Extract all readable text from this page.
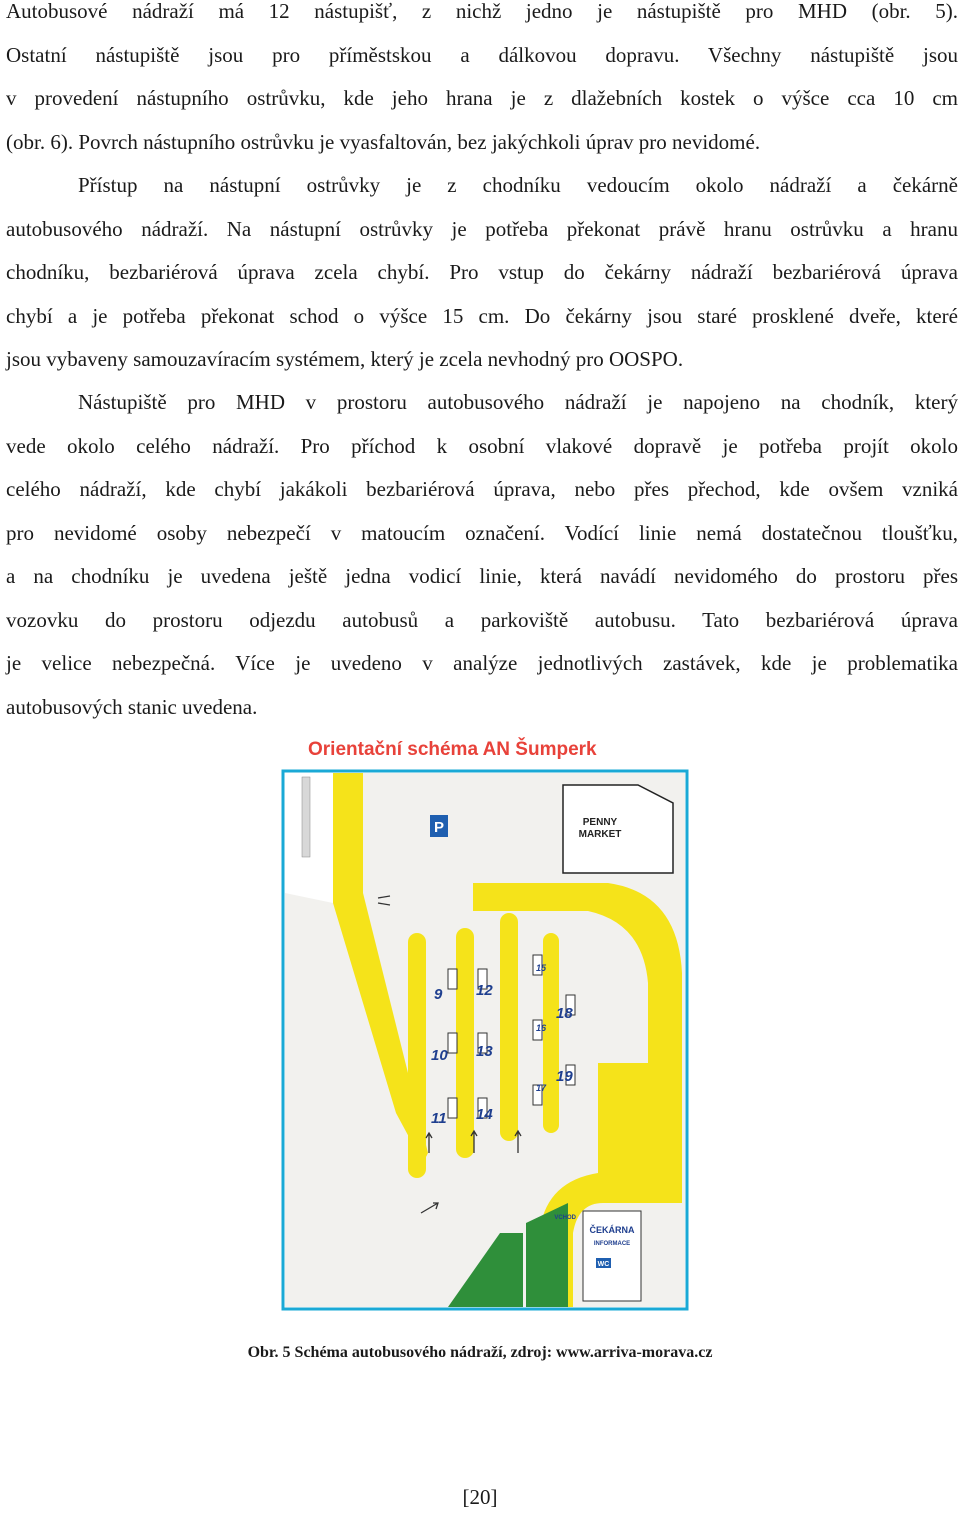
Autobusové nádraží má 12 nástupišť, z nichž jedno je nástupiště pro MHD (obr. 5).
Ostatní nástupiště jsou pro příměstskou a dálkovou dopravu. Všechny nástupiště jsou
v provedení nástupního ostrůvku, kde jeho hrana je z dlažebních kostek o výšce cca 10 cm
(obr. 6). Povrch nástupního ostrůvku je vyasfaltován, bez jakýchkoli úprav pro nevidomé.
Přístup na nástupní ostrůvky je z chodníku vedoucím okolo nádraží a čekárně
autobusového nádraží. Na nástupní ostrůvky je potřeba překonat právě hranu ostrůvku a hranu
chodníku, bezbariérová úprava zcela chybí. Pro vstup do čekárny nádraží bezbariérová úprava
chybí a je potřeba překonat schod o výšce 15 cm. Do čekárny jsou staré prosklené dveře, které
jsou vybaveny samouzavíracím systémem, který je zcela nevhodný pro OOSPO.
Nástupiště pro MHD v prostoru autobusového nádraží je napojeno na chodník, který
vede okolo celého nádraží. Pro příchod k osobní vlakové dopravě je potřeba projít okolo
celého nádraží, kde chybí jakákoli bezbariérová úprava, nebo přes přechod, kde ovšem vzniká
pro nevidomé osoby nebezpečí v matoucím označení. Vodící linie nemá dostatečnou tloušťku,
a na chodníku je uvedena ještě jedna vodicí linie, která navádí nevidomého do prostoru přes
vozovku do prostoru odjezdu autobusů a parkoviště autobusu. Tato bezbariérová úprava
je velice nebezpečná. Více je uvedeno v analýze jednotlivých zastávek, kde je problematika
autobusových stanic uvedena.
Orientační schéma AN Šumperk
P	PENNY
MARKET
9
10
11
12
13
14
15
16
17
18
19
VCHOD
ČEKÁRNA
INFORMACE
WC
Obr. 5 Schéma autobusového nádraží, zdroj: www.arriva-morava.cz
[20]
